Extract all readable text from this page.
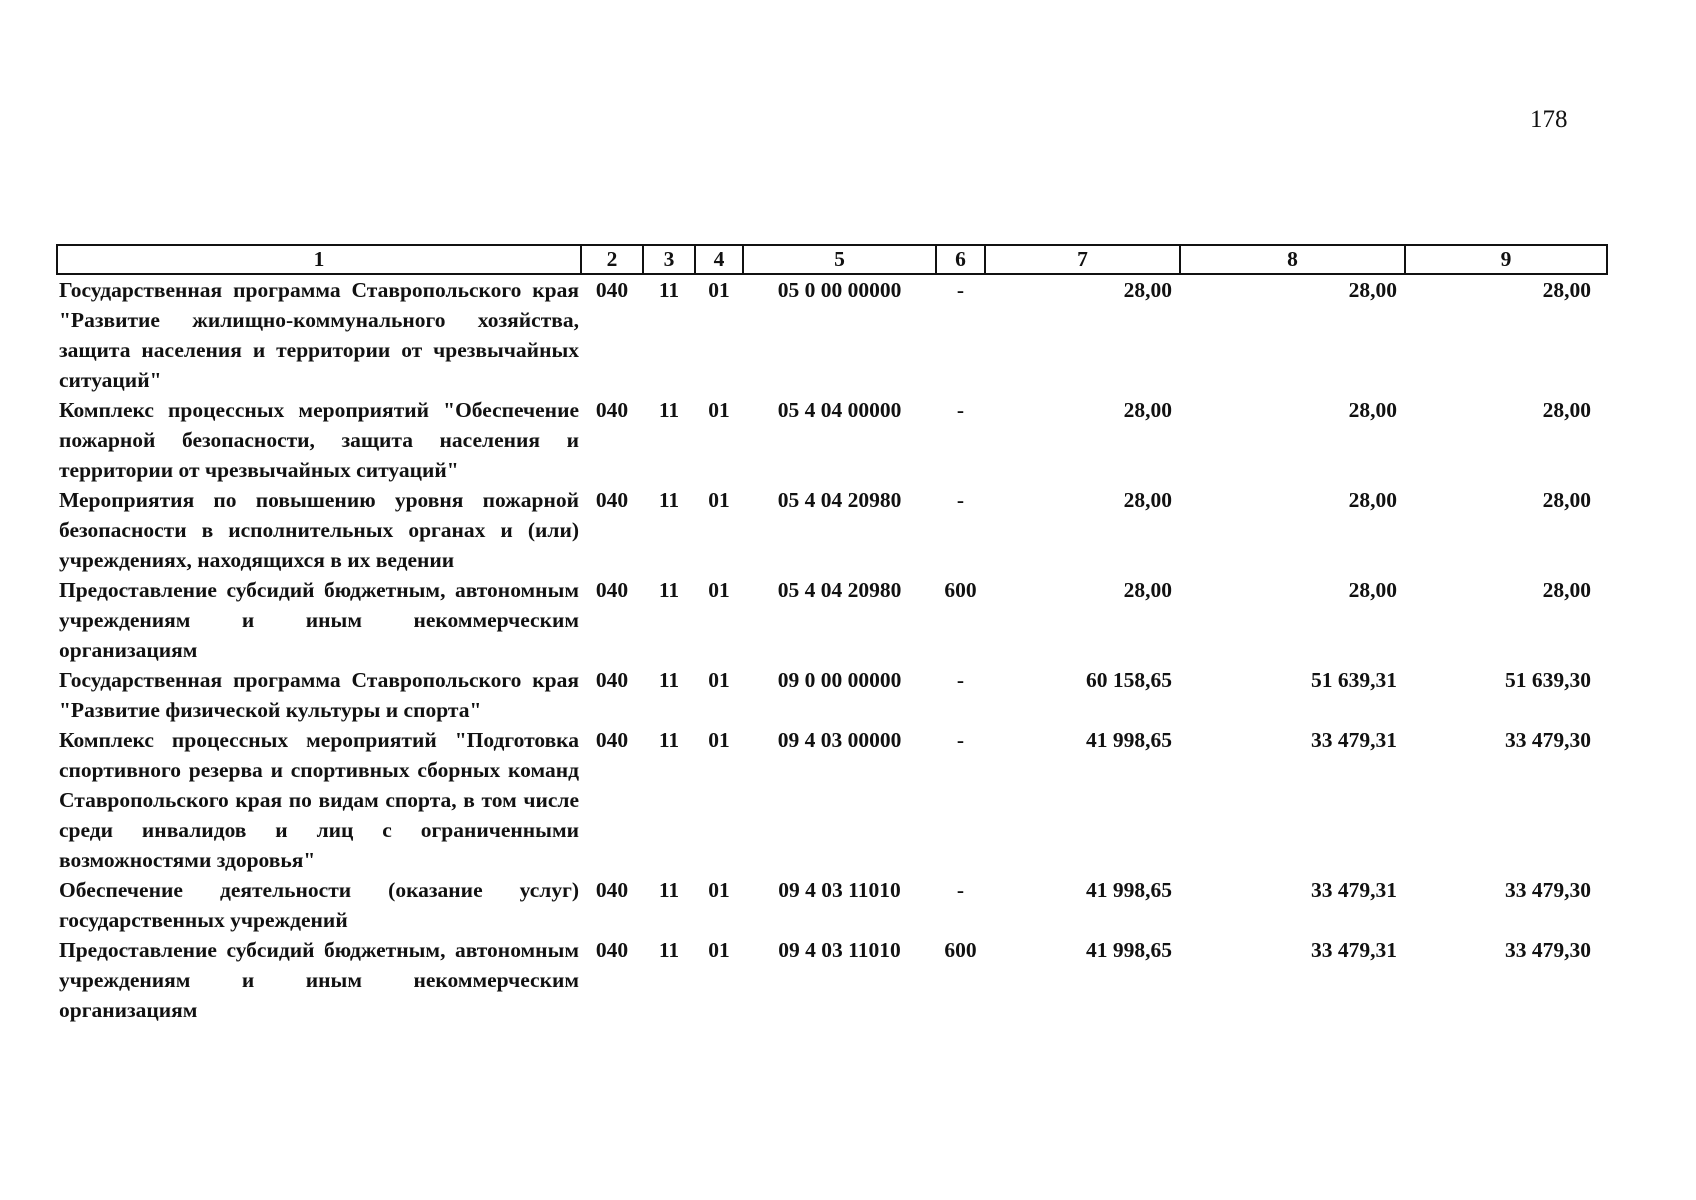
178
1	2	3	4	5	6	7	8	9
Государственная программа Ставропольского края "Развитие жилищно-коммунального хозяйства, защита населения и территории от чрезвычайных ситуаций"	040	11	01	05 0 00 00000	-	28,00	28,00	28,00
Комплекс процессных мероприятий "Обеспечение пожарной безопасности, защита населения и территории от чрезвычайных ситуаций"	040	11	01	05 4 04 00000	-	28,00	28,00	28,00
Мероприятия по повышению уровня пожарной безопасности в исполнительных органах и (или) учреждениях, находящихся в их ведении	040	11	01	05 4 04 20980	-	28,00	28,00	28,00
Предоставление субсидий бюджетным, автономным учреждениям и иным некоммерческим организациям	040	11	01	05 4 04 20980	600	28,00	28,00	28,00
Государственная программа Ставропольского края "Развитие физической культуры и спорта"	040	11	01	09 0 00 00000	-	60 158,65	51 639,31	51 639,30
Комплекс процессных мероприятий "Подготовка спортивного резерва и спортивных сборных команд Ставропольского края по видам спорта, в том числе среди инвалидов и лиц с ограниченными возможностями здоровья"	040	11	01	09 4 03 00000	-	41 998,65	33 479,31	33 479,30
Обеспечение деятельности (оказание услуг) государственных учреждений	040	11	01	09 4 03 11010	-	41 998,65	33 479,31	33 479,30
Предоставление субсидий бюджетным, автономным учреждениям и иным некоммерческим организациям	040	11	01	09 4 03 11010	600	41 998,65	33 479,31	33 479,30
